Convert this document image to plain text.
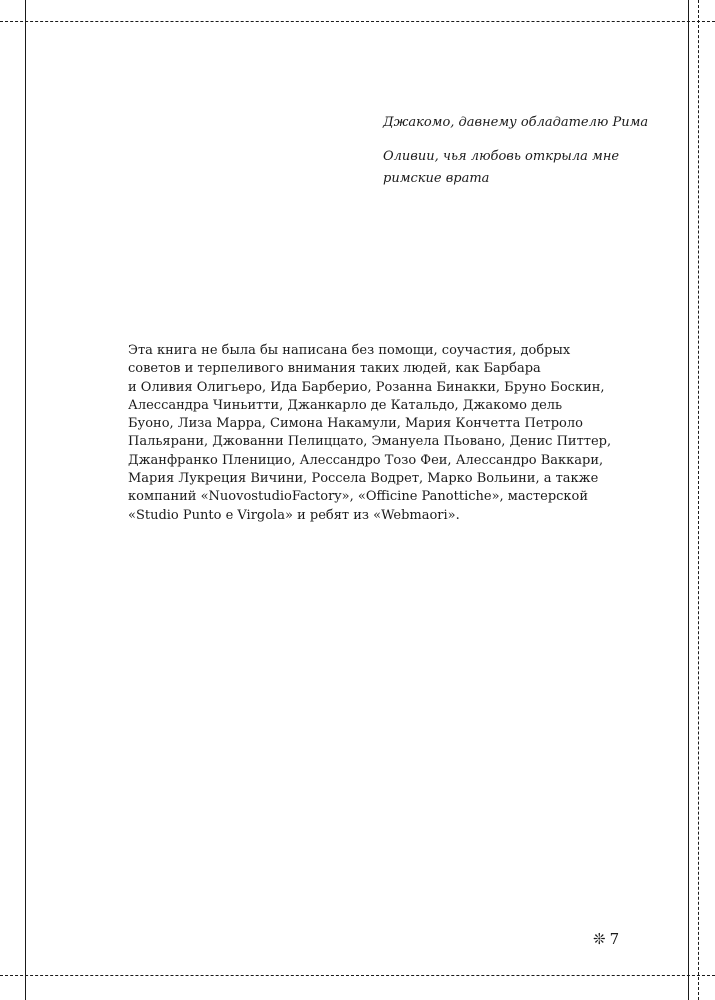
Джакомо, давнему обладателю Рима

Оливии, чья любовь открыла мне римские врата

Эта книга не была бы написана без помощи, соучастия, добрых
советов и терпеливого внимания таких людей, как Барбара
и Оливия Олигьеро, Ида Барберио, Розанна Бинакки, Бруно Боскин,
Алессандра Чиньитти, Джанкарло де Катальдо, Джакомо дель
Буоно, Лиза Марра, Симона Накамули, Мария Кончетта Петроло
Пальярани, Джованни Пелиццато, Эмануела Пьовано, Денис Питтер,
Джанфранко Пленицио, Алессандро Тозо Феи, Алессандро Ваккари,
Мария Лукреция Вичини, Россела Водрет, Марко Вольини, а также
компаний «NuovostudioFactory», «Officine Panottiche», мастерской
«Studio Punto e Virgola» и ребят из «Webmaori».
❊ 7
